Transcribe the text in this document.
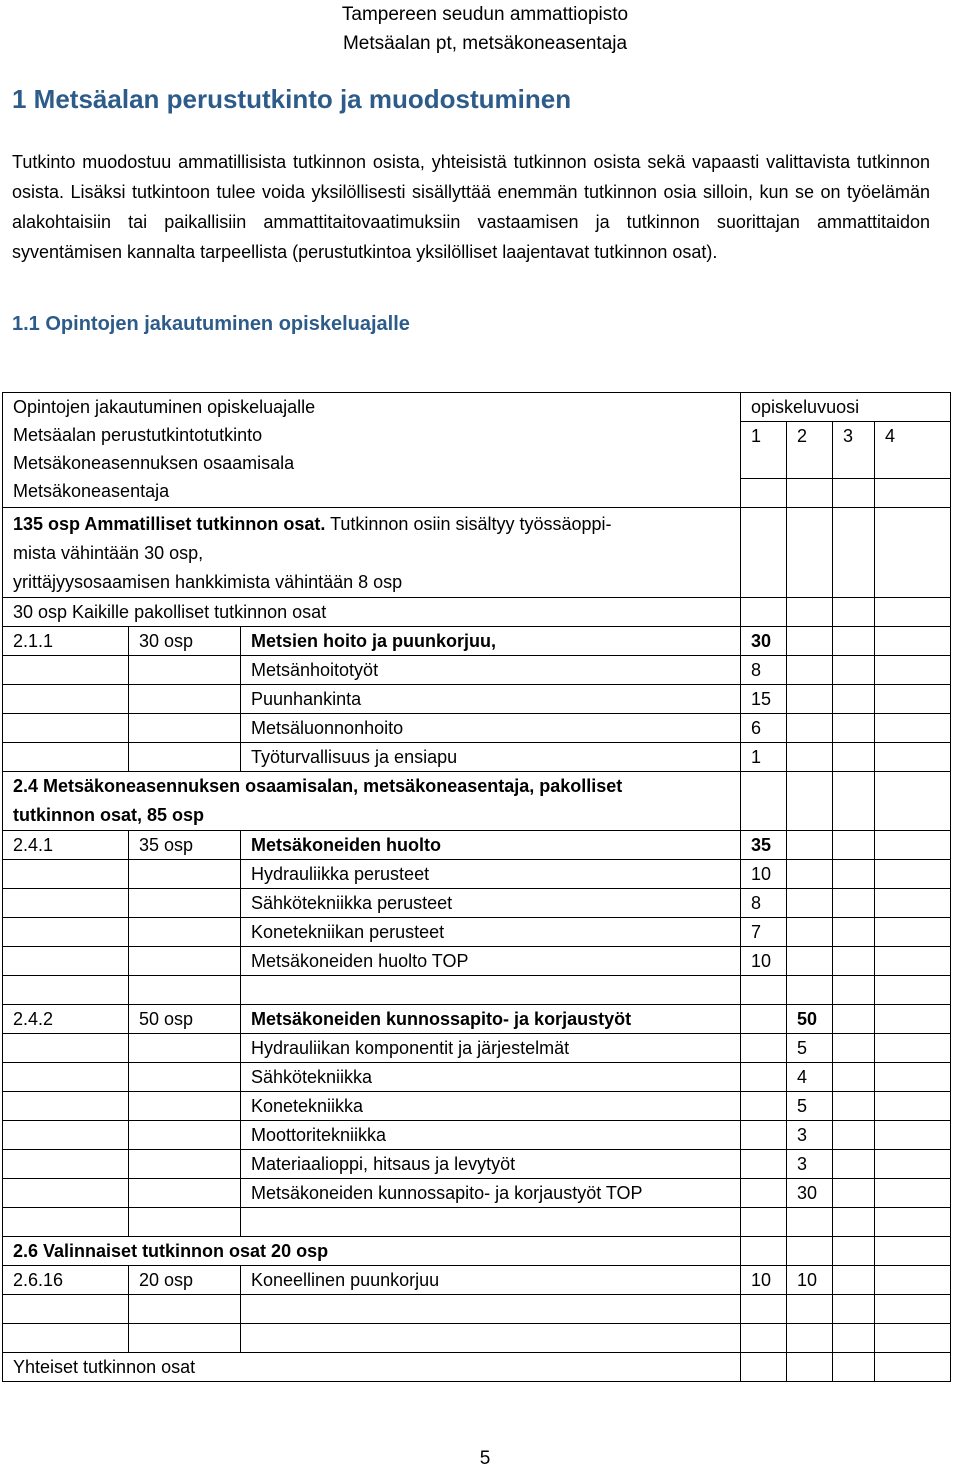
Tampereen seudun ammattiopisto
Metsäalan pt, metsäkoneasentaja
1 Metsäalan perustutkinto ja muodostuminen

Tutkinto muodostuu ammatillisista tutkinnon osista, yhteisistä tutkinnon osista sekä vapaasti valittavista tutkinnon osista. Lisäksi tutkintoon tulee voida yksilöllisesti sisällyttää enemmän tutkinnon osia silloin, kun se on työelämän alakohtaisiin tai paikallisiin ammattitaitovaatimuksiin vastaamisen ja tutkinnon suorittajan ammattitaidon syventämisen kannalta tarpeellista (perustutkintoa yksilölliset laajentavat tutkinnon osat).

1.1 Opintojen jakautuminen opiskeluajalle
Opintojen jakautuminen opiskeluajalle
Metsäalan perustutkintotutkinto
Metsäkoneasennuksen osaamisala
Metsäkoneasentaja			opiskeluvuosi			
			1	2	3	4

135 osp Ammatilliset tutkinnon osat. Tutkinnon osiin sisältyy työssäoppimista vähintään 30 osp,
yrittäjyysosaamisen hankkimista vähintään 8 osp						
30 osp Kaikille pakolliset tutkinnon osat						
2.1.1	30 osp	Metsien hoito ja puunkorjuu,	30			
		Metsänhoitotyöt	8			
		Puunhankinta	15			
		Metsäluonnonhoito	6			
		Työturvallisuus ja ensiapu	1			
2.4 Metsäkoneasennuksen osaamisalan, metsäkoneasentaja, pakolliset tutkinnon osat, 85 osp						
2.4.1	35 osp	Metsäkoneiden huolto	35			
		Hydrauliikka perusteet	10			
		Sähkötekniikka perusteet	8			
		Konetekniikan perusteet	7			
		Metsäkoneiden huolto TOP	10			

2.4.2	50 osp	Metsäkoneiden kunnossapito- ja korjaustyöt		50		
		Hydrauliikan komponentit ja järjestelmät		5		
		Sähkötekniikka		4		
		Konetekniikka		5		
		Moottoritekniikka		3		
		Materiaalioppi, hitsaus ja levytyöt		3		
		Metsäkoneiden kunnossapito- ja korjaustyöt TOP		30		

2.6 Valinnaiset tutkinnon osat 20 osp						
2.6.16	20 osp	Koneellinen puunkorjuu	10	10		

Yhteiset tutkinnon osat						
5
